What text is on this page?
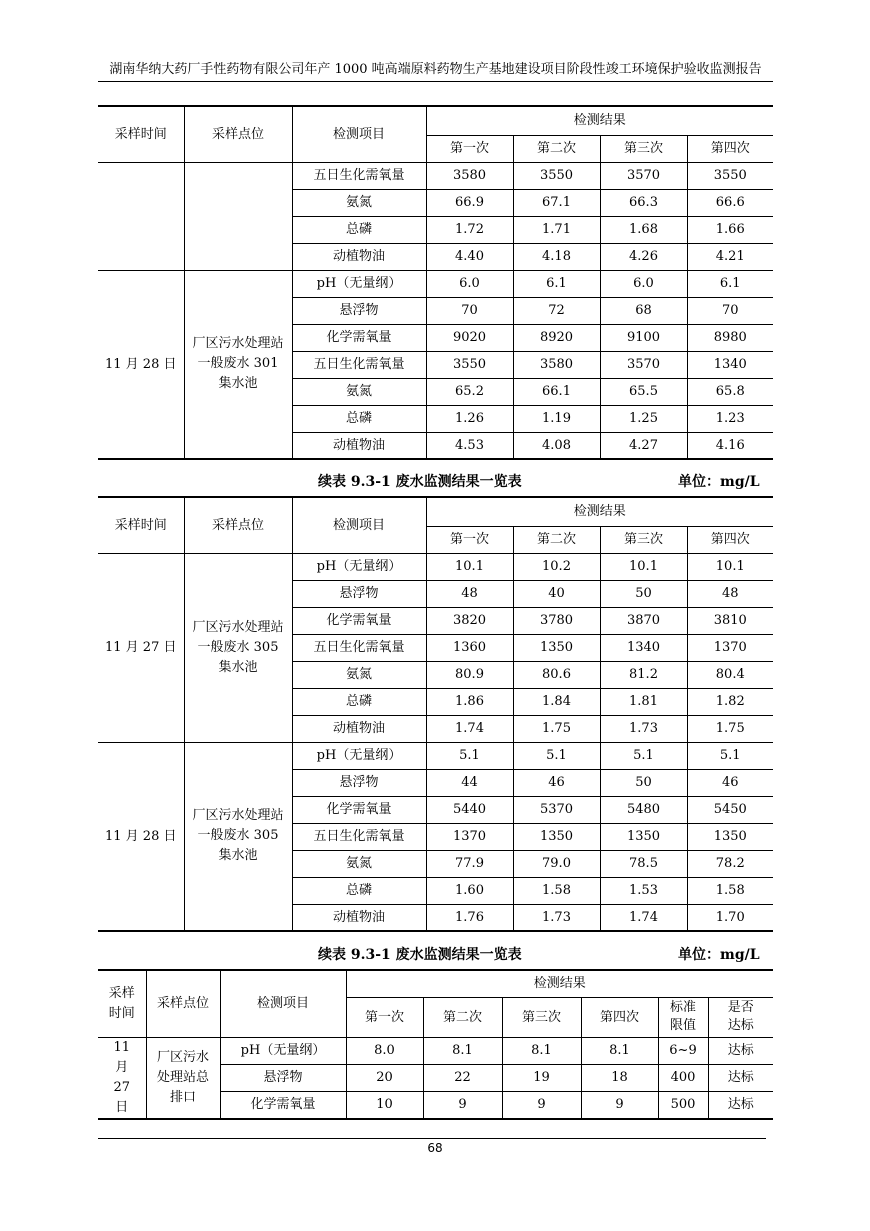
湖南华纳大药厂手性药物有限公司年产 1000 吨高端原料药物生产基地建设项目阶段性竣工环境保护验收监测报告
采样时间	采样点位	检测项目	检测结果			
			第一次	第二次	第三次	第四次
		五日生化需氧量	3580	3550	3570	3550
		氨氮	66.9	67.1	66.3	66.6
		总磷	1.72	1.71	1.68	1.66
		动植物油	4.40	4.18	4.26	4.21
11 月 28 日	厂区污水处理站一般废水 301 集水池	pH（无量纲）	6.0	6.1	6.0	6.1
		悬浮物	70	72	68	70
		化学需氧量	9020	8920	9100	8980
		五日生化需氧量	3550	3580	3570	1340
		氨氮	65.2	66.1	65.5	65.8
		总磷	1.26	1.19	1.25	1.23
		动植物油	4.53	4.08	4.27	4.16
续表 9.3-1 废水监测结果一览表	单位：mg/L
采样时间	采样点位	检测项目	检测结果			
			第一次	第二次	第三次	第四次
11 月 27 日	厂区污水处理站一般废水 305 集水池	pH（无量纲）	10.1	10.2	10.1	10.1
		悬浮物	48	40	50	48
		化学需氧量	3820	3780	3870	3810
		五日生化需氧量	1360	1350	1340	1370
		氨氮	80.9	80.6	81.2	80.4
		总磷	1.86	1.84	1.81	1.82
		动植物油	1.74	1.75	1.73	1.75
11 月 28 日	厂区污水处理站一般废水 305 集水池	pH（无量纲）	5.1	5.1	5.1	5.1
		悬浮物	44	46	50	46
		化学需氧量	5440	5370	5480	5450
		五日生化需氧量	1370	1350	1350	1350
		氨氮	77.9	79.0	78.5	78.2
		总磷	1.60	1.58	1.53	1.58
		动植物油	1.76	1.73	1.74	1.70
续表 9.3-1 废水监测结果一览表	单位：mg/L
采样时间	采样点位	检测项目	检测结果					
			第一次	第二次	第三次	第四次	标准限值	是否达标
11 月 27 日	厂区污水处理站总排口	pH（无量纲）	8.0	8.1	8.1	8.1	6~9	达标
		悬浮物	20	22	19	18	400	达标
		化学需氧量	10	9	9	9	500	达标
68
